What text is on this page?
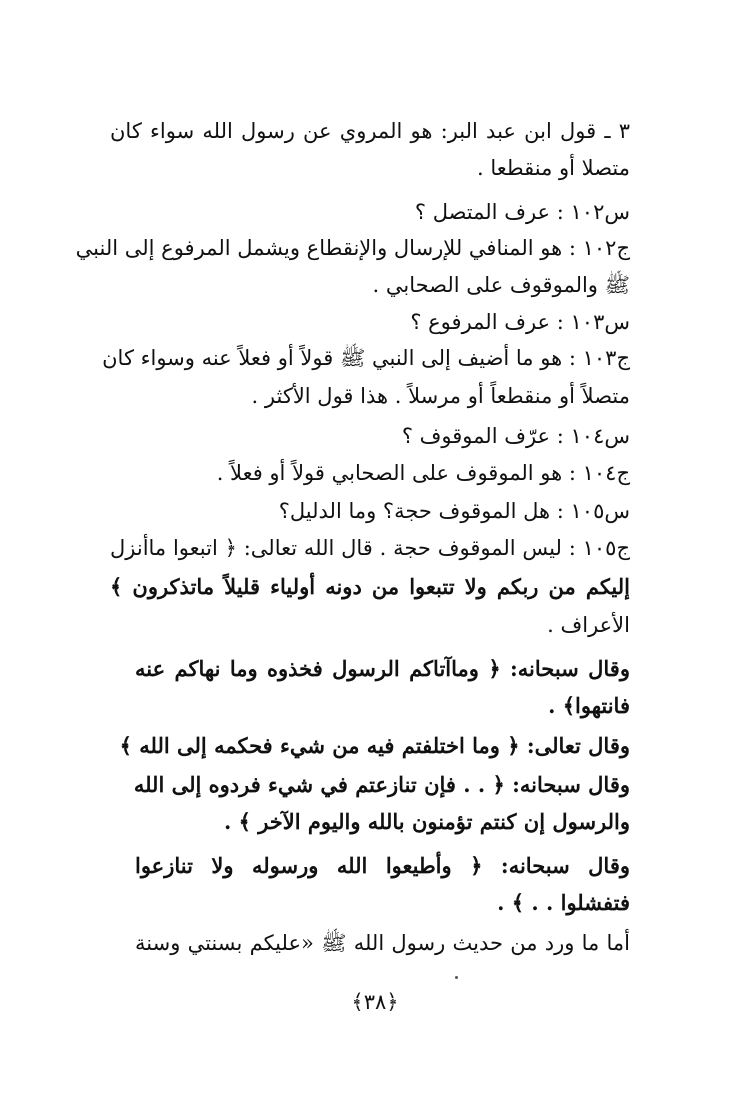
٣ ـ قول ابن عبد البر: هو المروي عن رسول الله سواء كان
متصلا أو منقطعا .
س١٠٢ : عرف المتصل ؟
ج١٠٢ : هو المنافي للإرسال والإنقطاع ويشمل المرفوع إلى النبي
ﷺ والموقوف على الصحابي .
س١٠٣ : عرف المرفوع ؟
ج١٠٣ : هو ما أضيف إلى النبي ﷺ قولاً أو فعلاً عنه وسواء كان
متصلاً أو منقطعاً أو مرسلاً . هذا قول الأكثر .
س١٠٤ : عرّف الموقوف ؟
ج١٠٤ : هو الموقوف على الصحابي قولاً أو فعلاً .
س١٠٥ : هل الموقوف حجة؟ وما الدليل؟
ج١٠٥ : ليس الموقوف حجة . قال الله تعالى: ﴿ اتبعوا ماأنزل
إليكم من ربكم ولا تتبعوا من دونه أولياء قليلاً ماتذكرون ﴾
الأعراف .
وقال سبحانه: ﴿ وماآتاكم الرسول فخذوه وما نهاكم عنه
فانتهوا﴾ .
وقال تعالى: ﴿ وما اختلفتم فيه من شيء فحكمه إلى الله ﴾
وقال سبحانه: ﴿ . . فإن تنازعتم في شيء فردوه إلى الله
والرسول إن كنتم تؤمنون بالله واليوم الآخر ﴾ .
وقال سبحانه: ﴿ وأطيعوا الله ورسوله ولا تنازعوا
فتفشلوا . . ﴾ .
أما ما ورد من حديث رسول الله ﷺ «عليكم بسنتي وسنة
﴿٣٨﴾
